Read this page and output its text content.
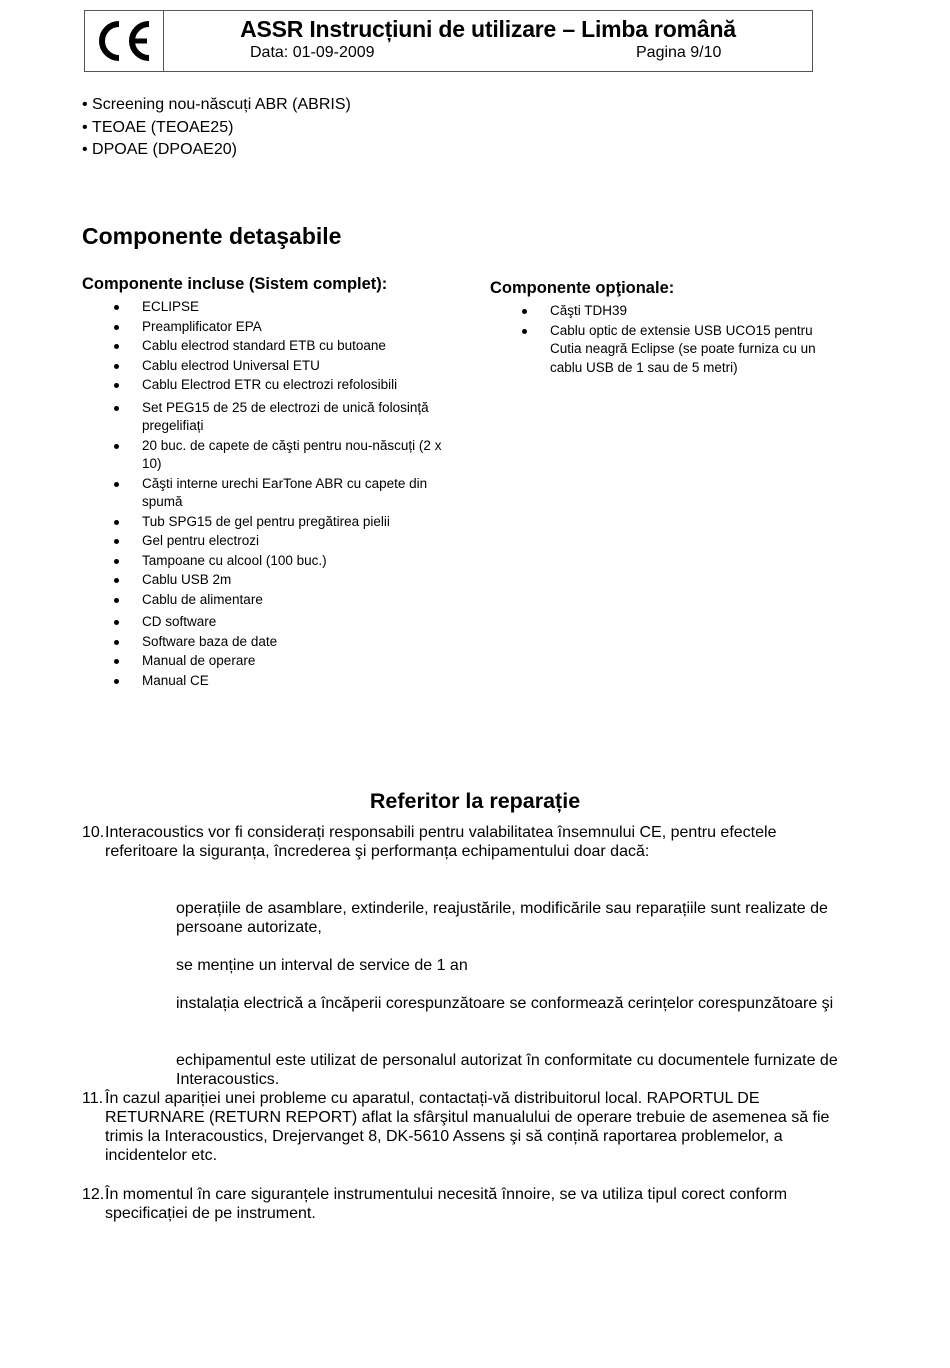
ASSR Instrucțiuni de utilizare – Limba română
Data: 01-09-2009	Pagina 9/10
• Screening nou-născuți ABR (ABRIS)
• TEOAE (TEOAE25)
• DPOAE (DPOAE20)
Componente detaşabile
Componente incluse (Sistem complet):
ECLIPSE
Preamplificator EPA
Cablu electrod standard ETB cu butoane
Cablu electrod Universal ETU
Cablu Electrod ETR cu electrozi refolosibili
Set PEG15 de 25 de electrozi de unică folosință pregelifiați
20 buc. de capete de căşti pentru nou-născuți (2 x 10)
Căşti interne urechi EarTone ABR cu capete din spumă
Tub SPG15 de gel pentru pregătirea pielii
Gel pentru electrozi
Tampoane cu alcool (100 buc.)
Cablu USB 2m
Cablu de alimentare
CD software
Software baza de date
Manual de operare
Manual CE
Componente opţionale:
Căşti TDH39
Cablu optic de extensie USB UCO15 pentru Cutia neagră Eclipse (se poate furniza cu un cablu USB de 1 sau de 5 metri)
Referitor la reparație
10. Interacoustics vor fi considerați responsabili pentru valabilitatea însemnului CE, pentru efectele referitoare la siguranța, încrederea şi performanța echipamentului doar dacă:
operațiile de asamblare, extinderile, reajustările, modificările sau reparațiile sunt realizate de persoane autorizate,
se menține un interval de service de 1 an
instalația electrică a încăperii corespunzătoare se conformează cerințelor corespunzătoare şi
echipamentul este utilizat de personalul autorizat în conformitate cu documentele furnizate de Interacoustics.
11. În cazul apariției unei probleme cu aparatul, contactați-vă distribuitorul local. RAPORTUL DE RETURNARE (RETURN REPORT) aflat la sfârşitul manualului de operare trebuie de asemenea să fie trimis la Interacoustics, Drejervanget 8, DK-5610 Assens şi să conțină raportarea problemelor, a incidentelor etc.
12. În momentul în care siguranțele instrumentului necesită înnoire, se va utiliza tipul corect conform specificației de pe instrument.
